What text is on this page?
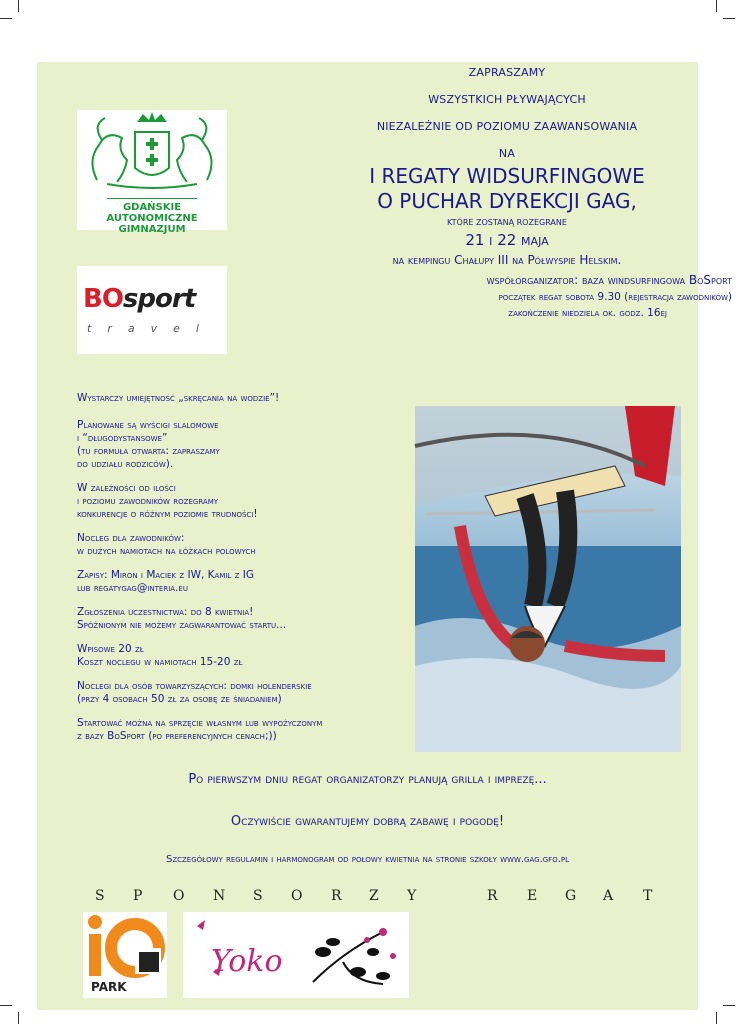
GDAŃSKIE
AUTONOMICZNE
GIMNAZJUM
BOsport
travel
ZAPRASZAMY
WSZYSTKICH PŁYWAJĄCYCH
NIEZALEŻNIE OD POZIOMU ZAAWANSOWANIA
NA
I REGATY WIDSURFINGOWE
O PUCHAR DYREKCJI GAG,
KTÓRE ZOSTANĄ ROZEGRANE
21 i 22 maja
na kempingu Chałupy III na Półwyspie Helskim.
współorganizator: baza windsurfingowa BoSport
początek regat sobota 9.30 (rejestracja zawodników)
zakończenie niedziela ok. godz. 16ej

Wystarczy umiejętność „skręcania na wodzie”!

Planowane są wyścigi slalomowe
i “długodystansowe”
(tu formuła otwarta: zapraszamy
do udziału rodziców).

W zależności od ilości
i poziomu zawodników rozegramy
konkurencje o różnym poziomie trudności!

Nocleg dla zawodników:
w dużych namiotach na łóżkach polowych

Zapisy: Miron i Maciek z IW, Kamil z IG
lub regatygag@interia.eu

Zgłoszenia uczestnictwa: do 8 kwietnia!
Spóźnionym nie możemy zagwarantować startu...

Wpisowe 20 zł
Koszt noclegu w namiotach 15-20 zł

Noclegi dla osób towarzyszących: domki holenderskie
(przy 4 osobach 50 zł za osobę ze śniadaniem)

Startować można na sprzęcie własnym lub wypożyczonym
z bazy BoSport (po preferencyjnych cenach;))

Po pierwszym dniu regat organizatorzy planują grilla i imprezę...
Oczywiście gwarantujemy dobrą zabawę i pogodę!
Szczegółowy regulamin i harmonogram od połowy kwietnia na stronie szkoły www.gag.gfo.pl
S P O N S O R Z Y	R E G A T
PARK
Yoko
